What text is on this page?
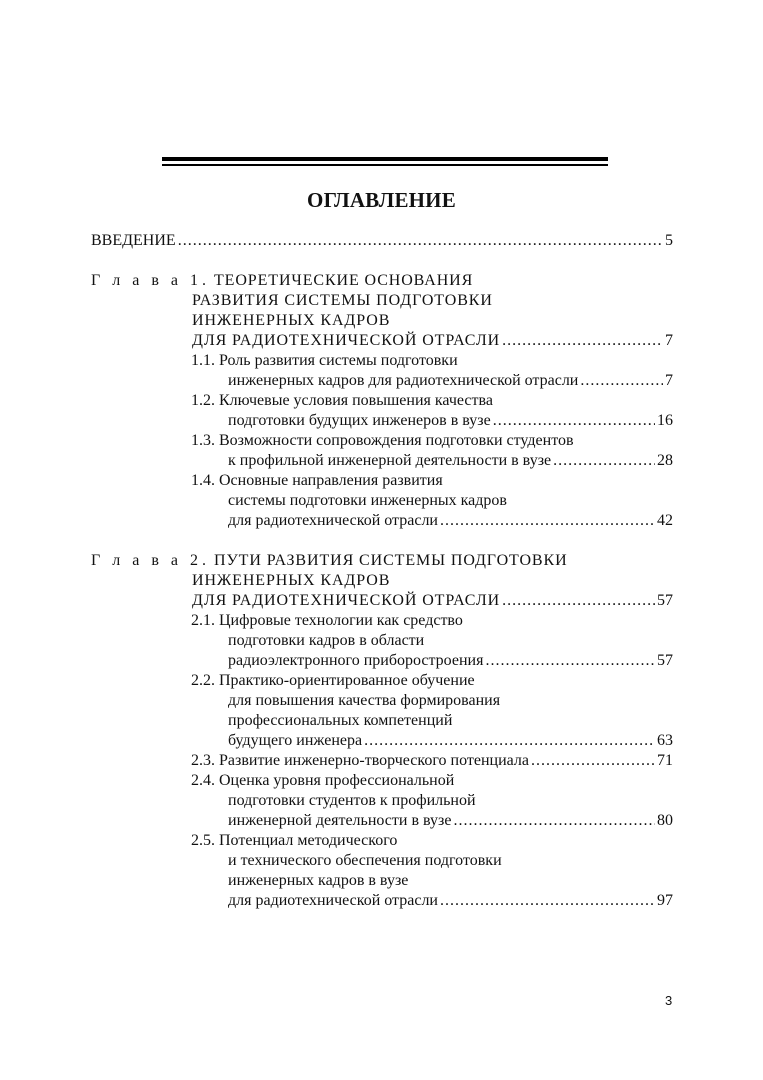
ОГЛАВЛЕНИЕ
ВВЕДЕНИЕ .....	5
Г л а в а 1. ТЕОРЕТИЧЕСКИЕ ОСНОВАНИЯ
РАЗВИТИЯ СИСТЕМЫ ПОДГОТОВКИ
ИНЖЕНЕРНЫХ КАДРОВ
ДЛЯ РАДИОТЕХНИЧЕСКОЙ ОТРАСЛИ .....	7
1.1. Роль развития системы подготовки
инженерных кадров для радиотехнической отрасли .....	7
1.2. Ключевые условия повышения качества
подготовки будущих инженеров в вузе .....	16
1.3. Возможности сопровождения подготовки студентов
к профильной инженерной деятельности в вузе .....	28
1.4. Основные направления развития
системы подготовки инженерных кадров
для радиотехнической отрасли .....	42
Г л а в а 2. ПУТИ РАЗВИТИЯ СИСТЕМЫ ПОДГОТОВКИ
ИНЖЕНЕРНЫХ КАДРОВ
ДЛЯ РАДИОТЕХНИЧЕСКОЙ ОТРАСЛИ .....	57
2.1. Цифровые технологии как средство
подготовки кадров в области
радиоэлектронного приборостроения .....	57
2.2. Практико-ориентированное обучение
для повышения качества формирования
профессиональных компетенций
будущего инженера .....	63
2.3. Развитие инженерно-творческого потенциала .....	71
2.4. Оценка уровня профессиональной
подготовки студентов к профильной
инженерной деятельности в вузе .....	80
2.5. Потенциал методического
и технического обеспечения подготовки
инженерных кадров в вузе
для радиотехнической отрасли .....	97
3
